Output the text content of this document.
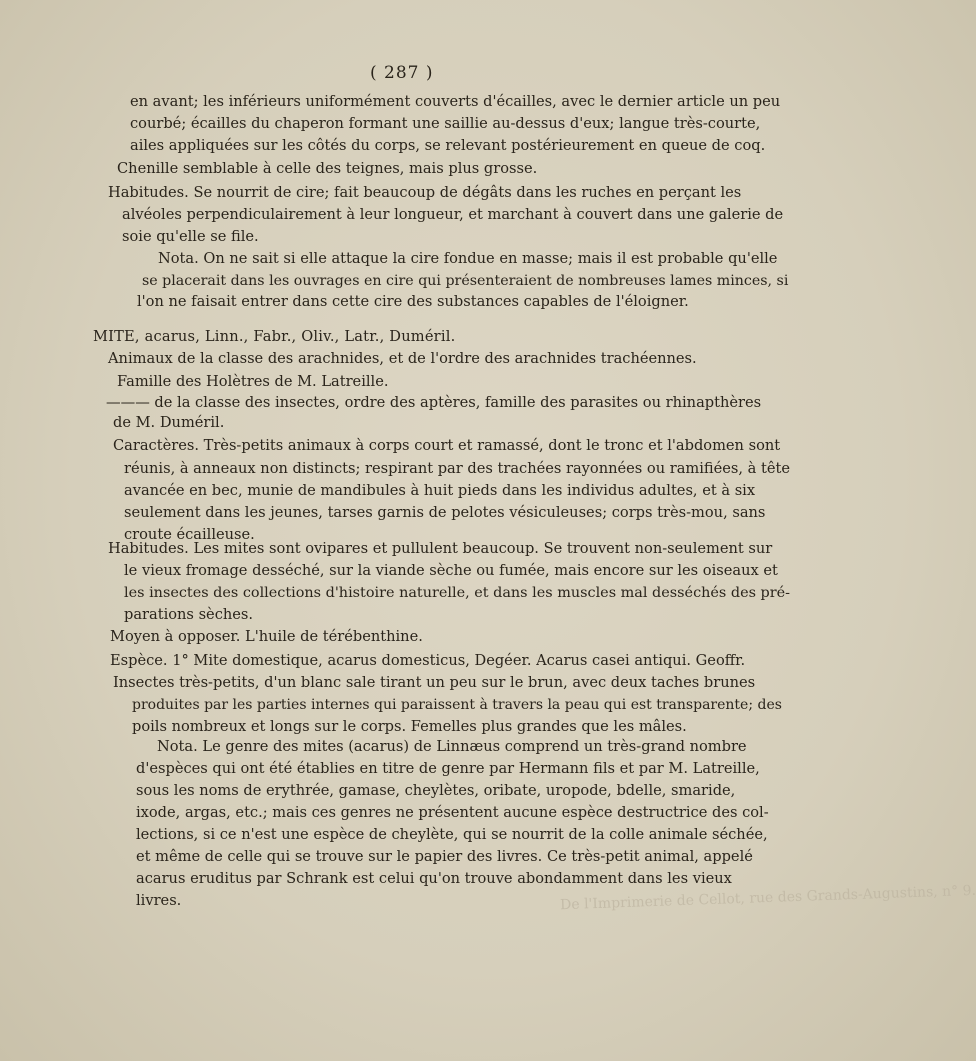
( 287 )
en avant; les inférieurs uniformément couverts d'écailles, avec le dernier article un peu
courbé; écailles du chaperon formant une saillie au-dessus d'eux; langue très-courte,
ailes appliquées sur les côtés du corps, se relevant postérieurement en queue de coq.
Chenille semblable à celle des teignes, mais plus grosse.
Habitudes. Se nourrit de cire; fait beaucoup de dégâts dans les ruches en perçant les
alvéoles perpendiculairement à leur longueur, et marchant à couvert dans une galerie de
soie qu'elle se file.
Nota. On ne sait si elle attaque la cire fondue en masse; mais il est probable qu'elle
se placerait dans les ouvrages en cire qui présenteraient de nombreuses lames minces, si
l'on ne faisait entrer dans cette cire des substances capables de l'éloigner.
MITE, acarus, Linn., Fabr., Oliv., Latr., Duméril.
Animaux de la classe des arachnides, et de l'ordre des arachnides trachéennes.
Famille des Holètres de M. Latreille.
——— de la classe des insectes, ordre des aptères, famille des parasites ou rhinapthères
de M. Duméril.
Caractères. Très-petits animaux à corps court et ramassé, dont le tronc et l'abdomen sont
réunis, à anneaux non distincts; respirant par des trachées rayonnées ou ramifiées, à tête
avancée en bec, munie de mandibules à huit pieds dans les individus adultes, et à six
seulement dans les jeunes, tarses garnis de pelotes vésiculeuses; corps très-mou, sans
croute écailleuse.
Habitudes. Les mites sont ovipares et pullulent beaucoup. Se trouvent non-seulement sur
le vieux fromage desséché, sur la viande sèche ou fumée, mais encore sur les oiseaux et
les insectes des collections d'histoire naturelle, et dans les muscles mal desséchés des pré-
parations sèches.
Moyen à opposer. L'huile de térébenthine.
Espèce. 1° Mite domestique, acarus domesticus, Degéer. Acarus casei antiqui. Geoffr.
Insectes très-petits, d'un blanc sale tirant un peu sur le brun, avec deux taches brunes
produites par les parties internes qui paraissent à travers la peau qui est transparente; des
poils nombreux et longs sur le corps. Femelles plus grandes que les mâles.
Nota. Le genre des mites (acarus) de Linnæus comprend un très-grand nombre
d'espèces qui ont été établies en titre de genre par Hermann fils et par M. Latreille,
sous les noms de erythrée, gamase, cheylètes, oribate, uropode, bdelle, smaride,
ixode, argas, etc.; mais ces genres ne présentent aucune espèce destructrice des col-
lections, si ce n'est une espèce de cheylète, qui se nourrit de la colle animale séchée,
et même de celle qui se trouve sur le papier des livres. Ce très-petit animal, appelé
acarus eruditus par Schrank est celui qu'on trouve abondamment dans les vieux
livres.	De l'Imprimerie de Cellot, rue des Grands-Augustins, n° 9.
